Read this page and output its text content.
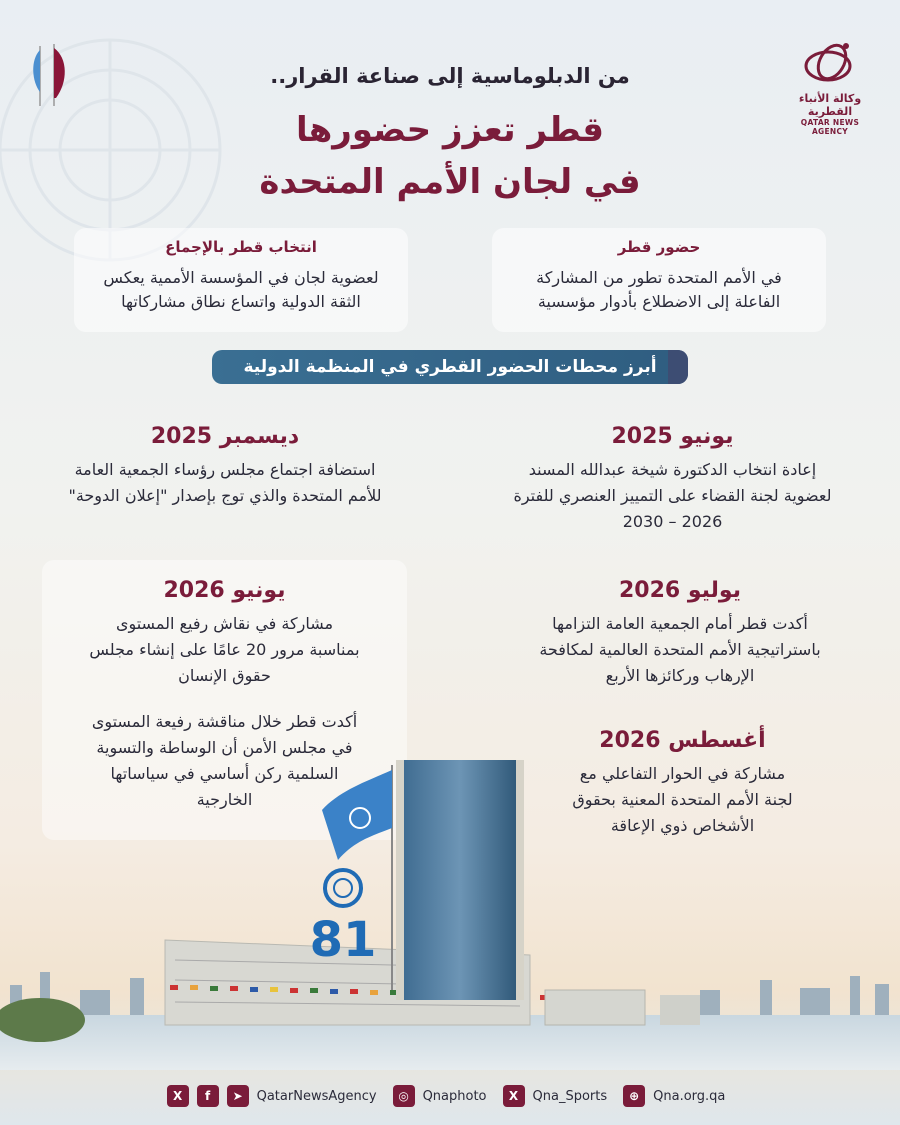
وكالة الأنباء القطرية
QATAR NEWS AGENCY
من الدبلوماسية إلى صناعة القرار..
قطر تعزز حضورها
في لجان الأمم المتحدة
حضور قطر
في الأمم المتحدة تطور من المشاركة
الفاعلة إلى الاضطلاع بأدوار مؤسسية
انتخاب قطر بالإجماع
لعضوية لجان في المؤسسة الأممية يعكس
الثقة الدولية واتساع نطاق مشاركاتها
أبرز محطات الحضور القطري في المنظمة الدولية
يونيو 2025
إعادة انتخاب الدكتورة شيخة عبدالله المسند
لعضوية لجنة القضاء على التمييز العنصري للفترة
2026 – 2030
ديسمبر 2025
استضافة اجتماع مجلس رؤساء الجمعية العامة
للأمم المتحدة والذي توج بإصدار "إعلان الدوحة"
يوليو 2026
أكدت قطر أمام الجمعية العامة التزامها
باستراتيجية الأمم المتحدة العالمية لمكافحة
الإرهاب وركائزها الأربع
يونيو 2026
مشاركة في نقاش رفيع المستوى
بمناسبة مرور 20 عامًا على إنشاء مجلس
حقوق الإنسان
أكدت قطر خلال مناقشة رفيعة المستوى
في مجلس الأمن أن الوساطة والتسوية
السلمية ركن أساسي في سياساتها
الخارجية
أغسطس 2026
مشاركة في الحوار التفاعلي مع
لجنة الأمم المتحدة المعنية بحقوق
الأشخاص ذوي الإعاقة
81
X	f	➤	QatarNewsAgency	◎	Qnaphoto	X	Qna_Sports	⊕	Qna.org.qa
